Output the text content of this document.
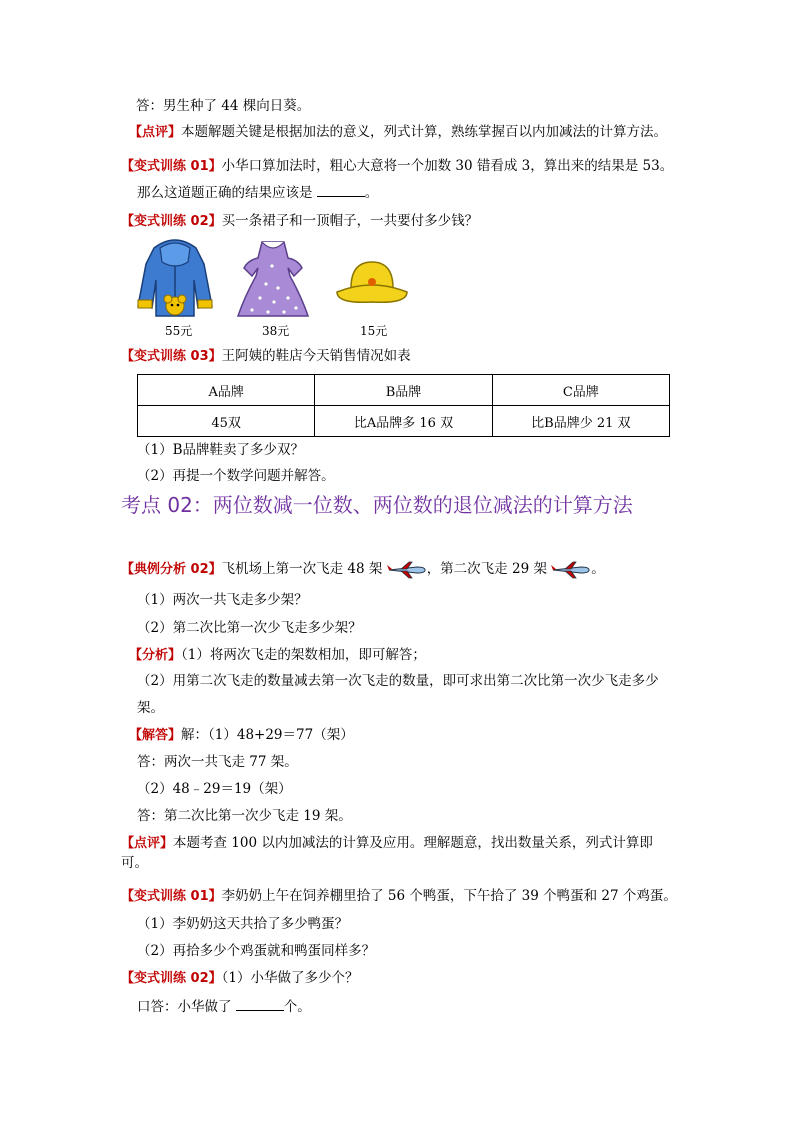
答：男生种了 44 棵向日葵。
【点评】本题解题关键是根据加法的意义，列式计算，熟练掌握百以内加减法的计算方法。
【变式训练 01】小华口算加法时，粗心大意将一个加数 30 错看成 3，算出来的结果是 53。
那么这道题正确的结果应该是	。
【变式训练 02】买一条裙子和一顶帽子，一共要付多少钱？
55元	38元	15元
【变式训练 03】王阿姨的鞋店今天销售情况如表
A品牌	B品牌	C品牌
45双	比A品牌多 16 双	比B品牌少 21 双
（1）B品牌鞋卖了多少双？
（2）再提一个数学问题并解答。
考点 02：两位数减一位数、两位数的退位减法的计算方法
【典例分析 02】飞机场上第一次飞走 48 架	，第二次飞走 29 架	。
（1）两次一共飞走多少架？
（2）第二次比第一次少飞走多少架？
【分析】（1）将两次飞走的架数相加，即可解答；
（2）用第二次飞走的数量减去第一次飞走的数量，即可求出第二次比第一次少飞走多少
架。
【解答】解：（1）48+29＝77（架）
答：两次一共飞走 77 架。
（2）48﹣29＝19（架）
答：第二次比第一次少飞走 19 架。
【点评】本题考查 100 以内加减法的计算及应用。理解题意，找出数量关系，列式计算即
可。
【变式训练 01】李奶奶上午在饲养棚里拾了 56 个鸭蛋，下午拾了 39 个鸭蛋和 27 个鸡蛋。
（1）李奶奶这天共拾了多少鸭蛋？
（2）再拾多少个鸡蛋就和鸭蛋同样多？
【变式训练 02】（1）小华做了多少个？
口答：小华做了	个。
